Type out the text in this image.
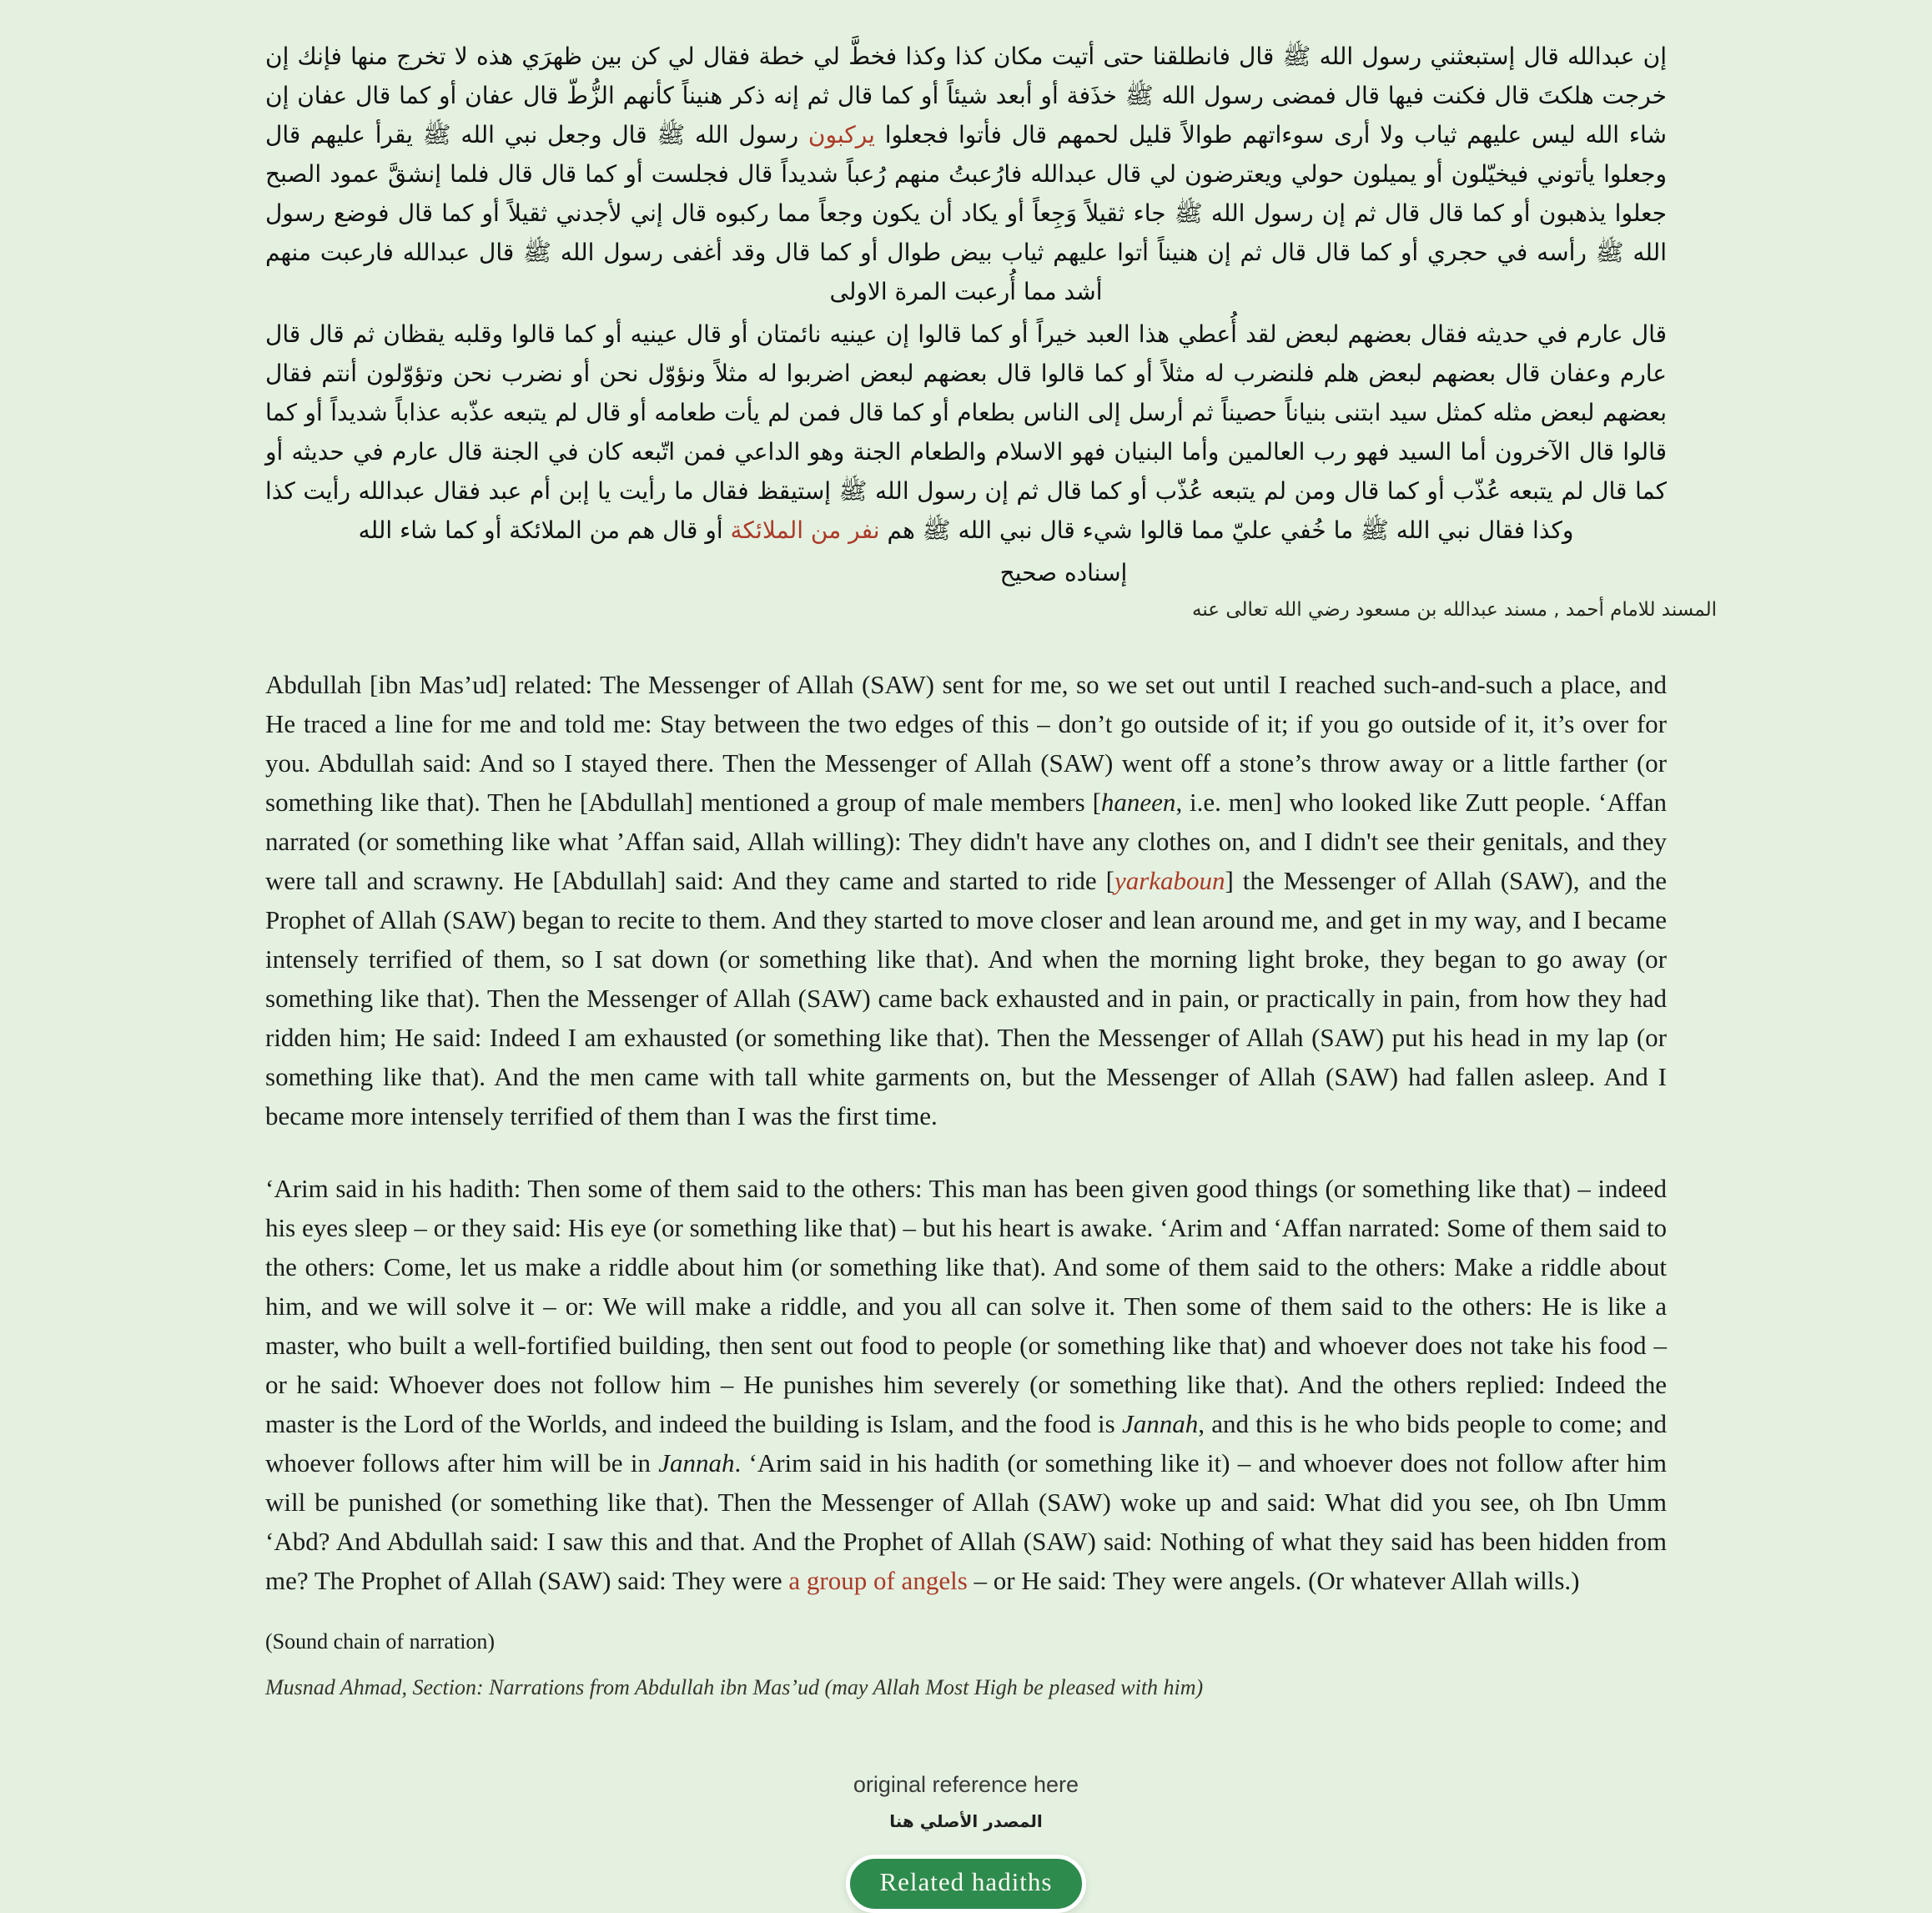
إن عبدالله قال إستبعثني رسول الله ﷺ قال فانطلقنا حتى أتيت مكان كذا وكذا فخطَّ لي خطة فقال لي كن بين ظهرَي هذه لا تخرج منها فإنك إن خرجت هلكتَ قال فكنت فيها قال فمضى رسول الله ﷺ خذَفة أو أبعد شيئاً أو كما قال ثم إنه ذكر هنيناً كأنهم الزُّطّ قال عفان أو كما قال عفان إن شاء الله ليس عليهم ثياب ولا أرى سوءاتهم طوالاً قليل لحمهم قال فأتوا فجعلوا يركبون رسول الله ﷺ قال وجعل نبي الله ﷺ يقرأ عليهم قال وجعلوا يأتوني فيخيّلون أو يميلون حولي ويعترضون لي قال عبدالله فارُعبتُ منهم رُعباً شديداً قال فجلست أو كما قال قال فلما إنشقَّ عمود الصبح جعلوا يذهبون أو كما قال قال ثم إن رسول الله ﷺ جاء ثقيلاً وَجِعاً أو يكاد أن يكون وجعاً مما ركبوه قال إني لأجدني ثقيلاً أو كما قال فوضع رسول الله ﷺ رأسه في حجري أو كما قال قال ثم إن هنيناً أتوا عليهم ثياب بيض طوال أو كما قال وقد أغفى رسول الله ﷺ قال عبدالله فارعبت منهم أشد مما أُرعبت المرة الاولى

قال عارم في حديثه فقال بعضهم لبعض لقد أُعطي هذا العبد خيراً أو كما قالوا إن عينيه نائمتان أو قال عينيه أو كما قالوا وقلبه يقظان ثم قال قال عارم وعفان قال بعضهم لبعض هلم فلنضرب له مثلاً أو كما قالوا قال بعضهم لبعض اضربوا له مثلاً ونؤوّل نحن أو نضرب نحن وتؤوّلون أنتم فقال بعضهم لبعض مثله كمثل سيد ابتنى بنياناً حصيناً ثم أرسل إلى الناس بطعام أو كما قال فمن لم يأت طعامه أو قال لم يتبعه عذّبه عذاباً شديداً أو كما قالوا قال الآخرون أما السيد فهو رب العالمين وأما البنيان فهو الاسلام والطعام الجنة وهو الداعي فمن اتّبعه كان في الجنة قال عارم في حديثه أو كما قال لم يتبعه عُذّب أو كما قال ومن لم يتبعه عُذّب أو كما قال ثم إن رسول الله ﷺ إستيقظ فقال ما رأيت يا إبن أم عبد فقال عبدالله رأيت كذا وكذا فقال نبي الله ﷺ ما خُفي عليّ مما قالوا شيء قال نبي الله ﷺ هم نفر من الملائكة أو قال هم من الملائكة أو كما شاء الله

إسناده صحيح

المسند للامام أحمد , مسند عبدالله بن مسعود رضي الله تعالى عنه

Abdullah [ibn Mas’ud] related: The Messenger of Allah (SAW) sent for me, so we set out until I reached such-and-such a place, and He traced a line for me and told me: Stay between the two edges of this – don’t go outside of it; if you go outside of it, it’s over for you. Abdullah said: And so I stayed there. Then the Messenger of Allah (SAW) went off a stone’s throw away or a little farther (or something like that). Then he [Abdullah] mentioned a group of male members [haneen, i.e. men] who looked like Zutt people. ‘Affan narrated (or something like what ’Affan said, Allah willing): They didn't have any clothes on, and I didn't see their genitals, and they were tall and scrawny. He [Abdullah] said: And they came and started to ride [yarkaboun] the Messenger of Allah (SAW), and the Prophet of Allah (SAW) began to recite to them. And they started to move closer and lean around me, and get in my way, and I became intensely terrified of them, so I sat down (or something like that). And when the morning light broke, they began to go away (or something like that). Then the Messenger of Allah (SAW) came back exhausted and in pain, or practically in pain, from how they had ridden him; He said: Indeed I am exhausted (or something like that). Then the Messenger of Allah (SAW) put his head in my lap (or something like that). And the men came with tall white garments on, but the Messenger of Allah (SAW) had fallen asleep. And I became more intensely terrified of them than I was the first time.

‘Arim said in his hadith: Then some of them said to the others: This man has been given good things (or something like that) – indeed his eyes sleep – or they said: His eye (or something like that) – but his heart is awake. ‘Arim and ‘Affan narrated: Some of them said to the others: Come, let us make a riddle about him (or something like that). And some of them said to the others: Make a riddle about him, and we will solve it – or: We will make a riddle, and you all can solve it. Then some of them said to the others: He is like a master, who built a well-fortified building, then sent out food to people (or something like that) and whoever does not take his food – or he said: Whoever does not follow him – He punishes him severely (or something like that). And the others replied: Indeed the master is the Lord of the Worlds, and indeed the building is Islam, and the food is Jannah, and this is he who bids people to come; and whoever follows after him will be in Jannah. ‘Arim said in his hadith (or something like it) – and whoever does not follow after him will be punished (or something like that). Then the Messenger of Allah (SAW) woke up and said: What did you see, oh Ibn Umm ‘Abd? And Abdullah said: I saw this and that. And the Prophet of Allah (SAW) said: Nothing of what they said has been hidden from me? The Prophet of Allah (SAW) said: They were a group of angels – or He said: They were angels. (Or whatever Allah wills.)

(Sound chain of narration)

Musnad Ahmad, Section: Narrations from Abdullah ibn Mas’ud (may Allah Most High be pleased with him)

original reference here
المصدر الأصلي هنا
Related hadiths
